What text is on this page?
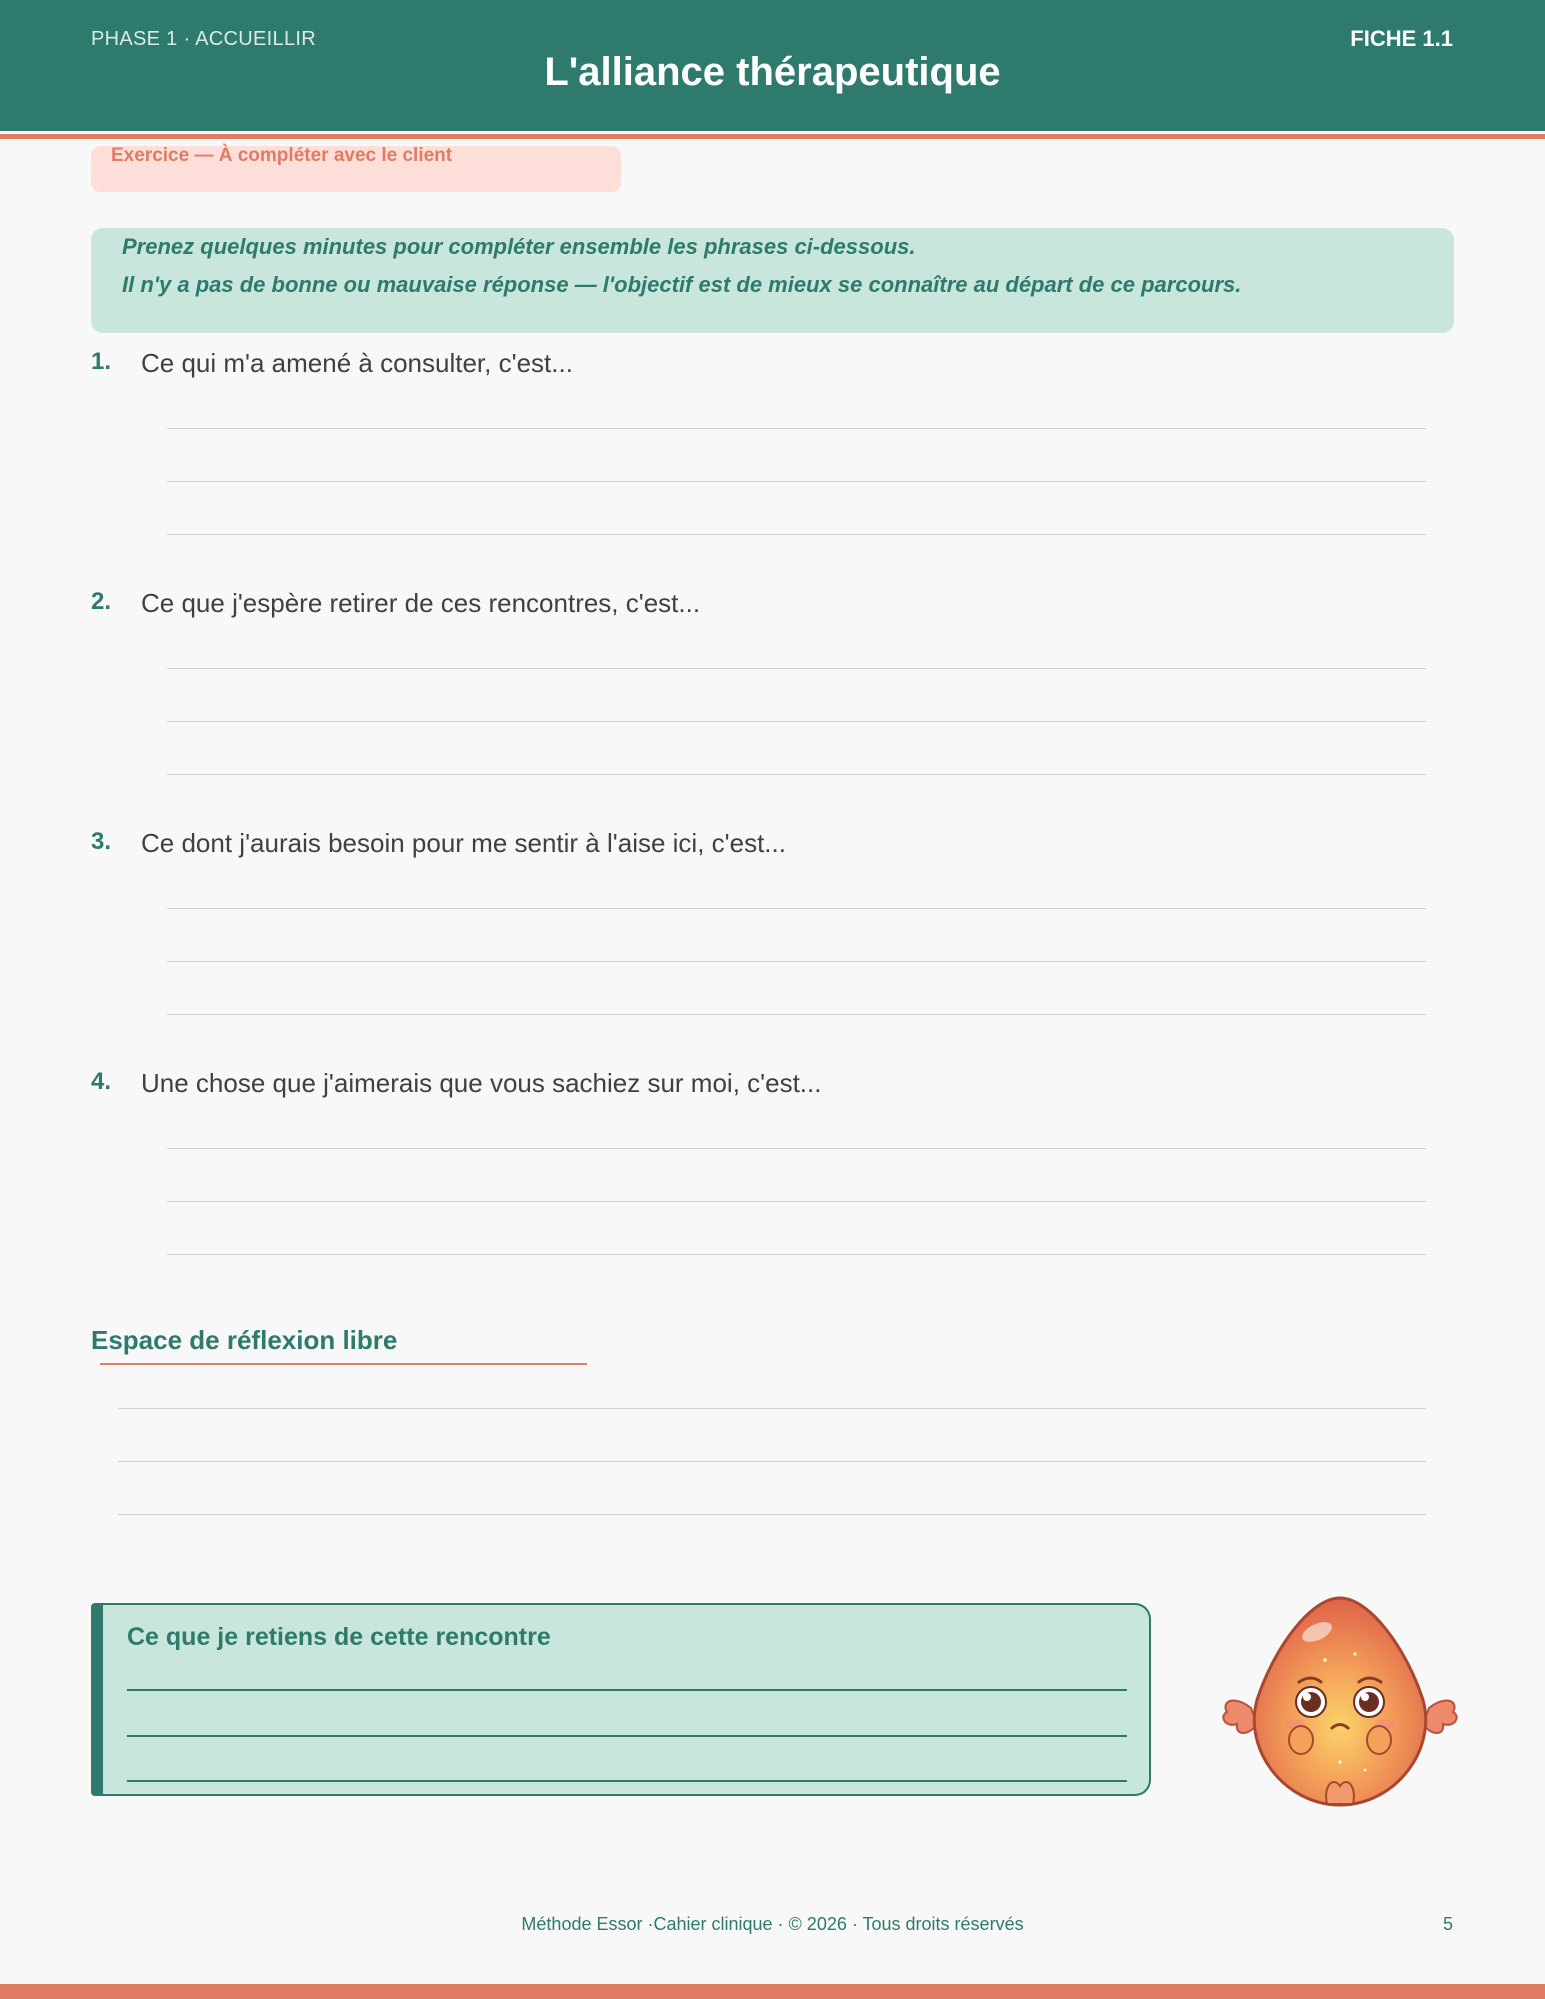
PHASE 1 · ACCUEILLIR
L'alliance thérapeutique
FICHE 1.1
Exercice — À compléter avec le client

Prenez quelques minutes pour compléter ensemble les phrases ci-dessous.

Il n'y a pas de bonne ou mauvaise réponse — l'objectif est de mieux se connaître au départ de ce parcours.

1. Ce qui m'a amené à consulter, c'est...
2. Ce que j'espère retirer de ces rencontres, c'est...
3. Ce dont j'aurais besoin pour me sentir à l'aise ici, c'est...
4. Une chose que j'aimerais que vous sachiez sur moi, c'est...
Espace de réflexion libre
Ce que je retiens de cette rencontre
Méthode Essor ·Cahier clinique · © 2026 · Tous droits réservés	5
